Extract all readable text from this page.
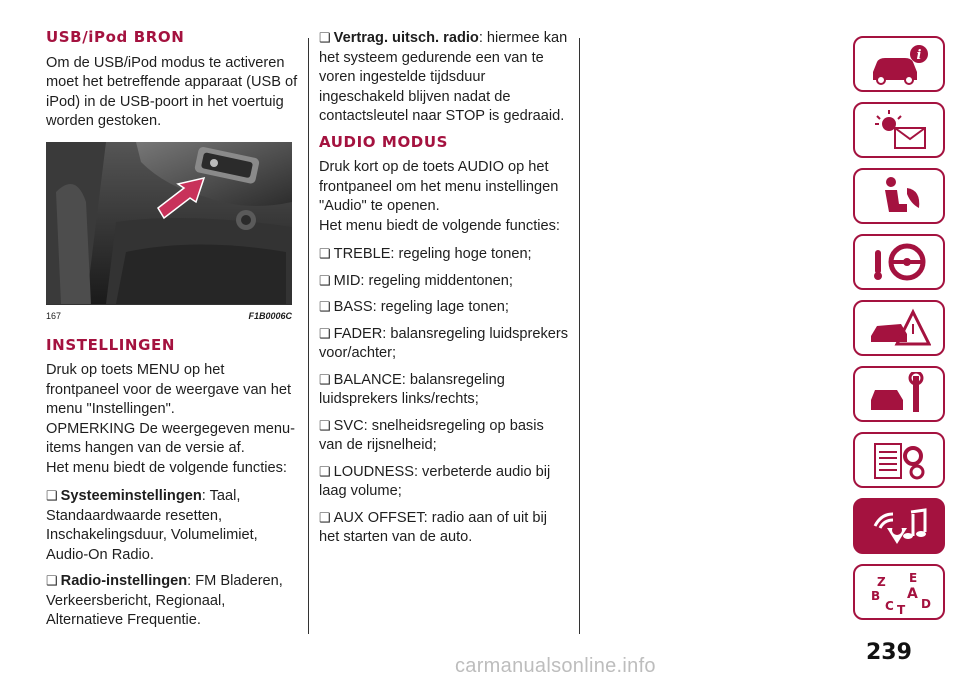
USB/iPod BRON
Om de USB/iPod modus te activeren moet het betreffende apparaat (USB of iPod) in de USB-poort in het voertuig worden gestoken.
167	F1B0006C
INSTELLINGEN
Druk op toets MENU op het frontpaneel voor de weergave van het menu "Instellingen".
OPMERKING De weergegeven menu-items hangen van de versie af.
Het menu biedt de volgende functies:
❑ Systeeminstellingen: Taal, Standaardwaarde resetten, Inschakelingsduur, Volumelimiet, Audio-On Radio.
❑ Radio-instellingen: FM Bladeren, Verkeersbericht, Regionaal, Alternatieve Frequentie.
❑ Vertrag. uitsch. radio: hiermee kan het systeem gedurende een van te voren ingestelde tijdsduur ingeschakeld blijven nadat de contactsleutel naar STOP is gedraaid.
AUDIO MODUS
Druk kort op de toets AUDIO op het frontpaneel om het menu instellingen "Audio" te openen.
Het menu biedt de volgende functies:
❑ TREBLE: regeling hoge tonen;
❑ MID: regeling middentonen;
❑ BASS: regeling lage tonen;
❑ FADER: balansregeling luidsprekers voor/achter;
❑ BALANCE: balansregeling luidsprekers links/rechts;
❑ SVC: snelheidsregeling op basis van de rijsnelheid;
❑ LOUDNESS: verbeterde audio bij laag volume;
❑ AUX OFFSET: radio aan of uit bij het starten van de auto.
i
Z E
B A
C D
T
239
carmanualsonline.info
